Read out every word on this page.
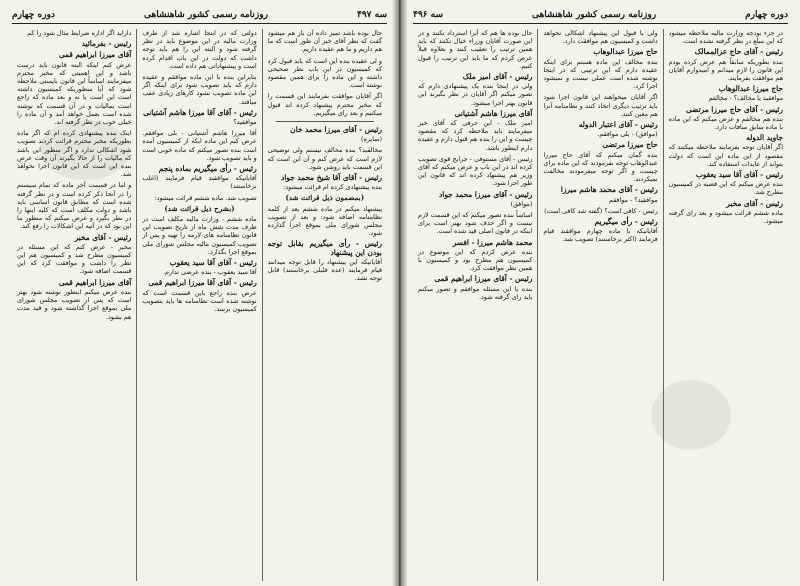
سه ۴۹۷
روزنامه رسمی کشور شاهنشاهی
دوره چهارم

حال بوده باشد تمیز داده آن باز هم میشود گفت که نظر آقای خبر آن طور است که ما هم داریم و ما هم عقیده داریم.

و لی عقیده بنده این است که باید قبول کرد که کمیسیون در این باب نظر صحیحی داشته و این ماده را برای همین مقصود نوشته است.

اگر آقایان موافقت بفرمایند این قسمت را که مخبر محترم پیشنهاد کرده اند قبول میکنیم و بعد رای میگیریم.

رئیس - آقای میرزا محمد خان

(سایره)

مخالفید؟ بنده مخالف نیستم ولی توضیحی لازم است که عرض کنم و آن این است که این قسمت باید روشن شود.

رئیس - آقای آقا شیخ محمد جواد

بنده پیشنهادی کرده ام قرائت میشود:

(بمضمون ذیل قرائت شد)

پیشنهاد میکنم در ماده ششم بعد از کلمه نظامنامه اضافه شود: و بعد از تصویب مجلس شورای ملی بموقع اجرا گذارده شود.

رئیس - رأی میگیریم بقابل توجه بودن این پیشنهاد

آقایانیکه این پیشنهاد را قابل توجه میدانند قیام فرمایند (عده قلیلی برخاستند) قابل توجه نشد.

دولتی که در اینجا اشاره شد از طرف وزارت مالیه در این موضوع باید در نظر گرفته شود و البته این را هم باید توجه داشت که دولت در این باب اقدام کرده است و پیشنهاداتی هم داده است.

بنابراین بنده با این ماده موافقم و عقیده دارم که باید تصویب شود برای اینکه اگر این ماده تصویب نشود کارهای زیادی عقب میافتد.

رئیس - آقای آقا میرزا هاشم آشتیانی

موافقید؟

آقا میرزا هاشم آشتیانی - بلی موافقم. عرض کنم این ماده ایکه از کمیسیون آمده است بنده تصور میکنم که ماده خوبی است و باید تصویب شود.

رئیس - رأی میگیریم بماده پنجم

آقایانیکه موافقند قیام فرمایند (اغلب برخاستند)

تصویب شد. ماده ششم قرائت میشود:

(بشرح ذیل قرائت شد)

ماده ششم - وزارت مالیه مکلف است در ظرف مدت شش ماه از تاریخ تصویب این قانون نظامنامه های لازمه را تهیه و پس از تصویب کمیسیون مالیه مجلس شورای ملی بموقع اجرا بگذارد.

رئیس - آقای آقا سید یعقوب

آقا سید یعقوب - بنده عرضی ندارم.

رئیس - آقای آقا میرزا ابراهیم قمی

عرض بنده راجع باین قسمت است که نوشته شده است نظامنامه ها باید بتصویب کمیسیون برسد.

داراید اگر اداره ضرایط مثال شود را کم

رئیس - بفرمائید
آقای میرزا ابراهیم قمی

عرض کنم اینکه البته قانون باید درست باشد و این اهمیتی که مخبر محترم میفرمایند اساساً این قانون بایستی ملاحظه شود که آیا منظوریکه کمیسیون داشته است این است یا نه و بعد ماده که راجع است بمالیات و در آن قسمت که نوشته شده است بعمل خواهد آمد و آن ماده را خیلی خوب در نظر گرفته اند.

اینک بنده پیشنهادی کرده ام که اگر ماده بطوریکه مخبر محترم قرائت کردند تصویب شود اشکالی ندارد و اگر منظور این باشد که مالیات را از حالا بگیرند آن وقت عرض بنده این است که این قانون اجرا نخواهد شد.

و اما در قسمت آخر ماده که تمام سیستم را در آنجا ذکر کرده است و در نظر گرفته شده است که مطابق قانون اساسی باید باشد و دولت مکلف است که کلیه اینها را در نظر بگیرد و عرض میکنم که منظور ما این بود که در آتیه این اشکالات را رفع کند.

رئیس - آقای مخبر

مخبر - عرض کنم که این مسئله در کمیسیون مطرح شد و کمیسیون هم این نظر را داشت و موافقت کرد که این قسمت اضافه شود.

آقای میرزا ابراهیم قمی

بنده عرض میکنم اینطور نوشته شود بهتر است که پس از تصویب مجلس شورای ملی بموقع اجرا گذاشته شود و قید مدت هم بشود.

دوره چهارم
روزنامه رسمی کشور شاهنشاهی
سه ۴۹۶

در جزء بودجه وزارت مالیه ملاحظه میشود که این مبلغ در نظر گرفته نشده است.

رئیس - آقای حاج عزالممالک

بنده بطوریکه سابقاً هم عرض کرده بودم این قانون را لازم میدانم و امیدوارم آقایان هم موافقت بفرمایند.

حاج میرزا عبدالوهاب

موافقید یا مخالف؟ - مخالفم

رئیس - آقای حاج میرزا مرتضی

بنده هم مخالفم و عرض میکنم که این ماده با ماده سابق منافات دارد.

جاوید الدوله

اگر آقایان توجه بفرمایند ملاحظه میکنند که مقصود از این ماده این است که دولت بتواند از عایدات استفاده کند.

رئیس - آقای آقا سید یعقوب

بنده عرض میکنم که این قضیه در کمیسیون مطرح شد.

رئیس - آقای مخبر

ماده ششم قرائت میشود و بعد رای گرفته میشود.

ولی با قبول این پیشنهاد اشکالی نخواهد داشت و کمیسیون هم موافقت دارد.

حاج میرزا عبدالوهاب

بنده مخالف این ماده هستم برای اینکه عقیده دارم که این ترتیبی که در اینجا نوشته شده است عملی نیست و نمیشود اجرا کرد.

اگر آقایان میخواهند این قانون اجرا شود باید ترتیب دیگری اتخاذ کنند و نظامنامه آنرا هم معین کنند.

رئیس - آقای اعتبار الدوله

(موافق) - بلی موافقم.

حاج میرزا مرتضی

بنده گمان میکنم که آقای حاج میرزا عبدالوهاب توجه نفرمودند که این ماده برای چیست و اگر توجه میفرمودند مخالفت نمیکردند.

رئیس - آقای محمد هاشم میرزا

موافقید؟ - موافقم

رئیس - کافی است؟ (گفته شد کافی است)

رئیس - رأی میگیریم

آقایانیکه با ماده چهارم موافقند قیام فرمایند (اکثر برخاستند) تصویب شد.

حال بوده ها هم که آنرا استرداد نکنند و در این صورت آقایان وزراء خیال نکنند که باید همین ترتیب را تعقیب کنند و بعلاوه قبلاً عرض کردم که ما باید این ترتیب را قبول کنیم.

رئیس - آقای امیر ملک

ولی در اینجا بنده یک پیشنهادی دارم که تصور میکنم اگر آقایان در نظر بگیرند این قانون بهتر اجرا میشود.

آقای میرزا هاشم آشتیانی

امیر ملک - این حرفی که آقای خبر میفرمایند باید ملاحظه کرد که مقصود چیست و این را بنده هم قبول دارم و عقیده دارم اینطور باشد.

رئیس - آقای مستوفی - جرایج قوی تصویب کرده اند در این باب و عرض میکنم که آقای وزیر هم پیشنهاد کرده اند که قانون این طور اجرا شود.

رئیس - آقای میرزا محمد جواد

(موافق)

اساساً بنده تصور میکنم که این قسمت لازم نیست و اگر حذف شود بهتر است برای اینکه در قانون اصلی قید شده است.

محمد هاشم میرزا - افسر

بنده عرض کردم که این موضوع در کمیسیون هم مطرح بود و کمیسیون با همین نظر موافقت کرد.

رئیس - آقای میرزا ابراهیم قمی

بنده با این مسئله موافقم و تصور میکنم باید رای گرفته شود.
